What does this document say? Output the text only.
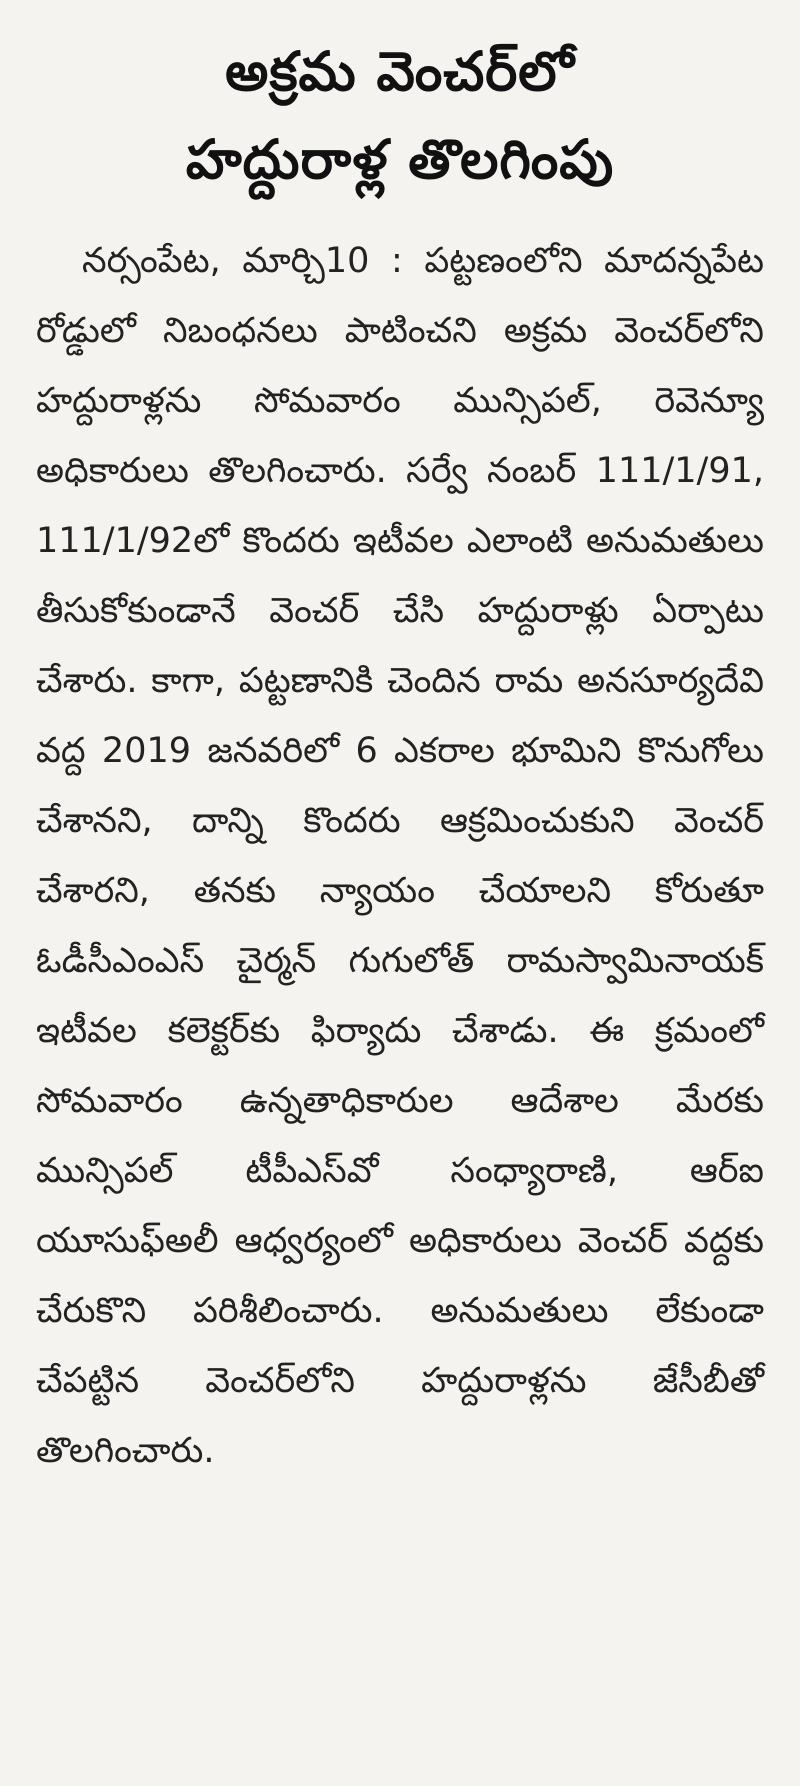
అక్రమ వెంచర్‌లో
హద్దురాళ్ల తొలగింపు

నర్సంపేట, మార్చి10 : పట్టణంలోని మాదన్నపేట రోడ్డులో నిబంధనలు పాటించని అక్రమ వెంచర్‌లోని హద్దురాళ్లను సోమవారం మున్సిపల్, రెవెన్యూ అధికారులు తొలగించారు. సర్వే నంబర్ 111/1/91, 111/1/92లో కొందరు ఇటీవల ఎలాంటి అనుమతులు తీసుకోకుండానే వెంచర్ చేసి హద్దురాళ్లు ఏర్పాటు చేశారు. కాగా, పట్టణానికి చెందిన రామ అనసూర్యదేవి వద్ద 2019 జనవరిలో 6 ఎకరాల భూమిని కొనుగోలు చేశానని, దాన్ని కొందరు ఆక్రమించుకుని వెంచర్ చేశారని, తనకు న్యాయం చేయాలని కోరుతూ ఓడీసీఎంఎస్ చైర్మన్ గుగులోత్ రామస్వామినాయక్ ఇటీవల కలెక్టర్‌కు ఫిర్యాదు చేశాడు. ఈ క్రమంలో సోమవారం ఉన్నతాధికారుల ఆదేశాల మేరకు మున్సిపల్ టీపీఎస్‌వో సంధ్యారాణి, ఆర్‌ఐ యూసుఫ్‌అలీ ఆధ్వర్యంలో అధికారులు వెంచర్ వద్దకు చేరుకొని పరిశీలించారు. అనుమతులు లేకుండా చేపట్టిన వెంచర్‌లోని హద్దురాళ్లను జేసీబీతో తొలగించారు.
